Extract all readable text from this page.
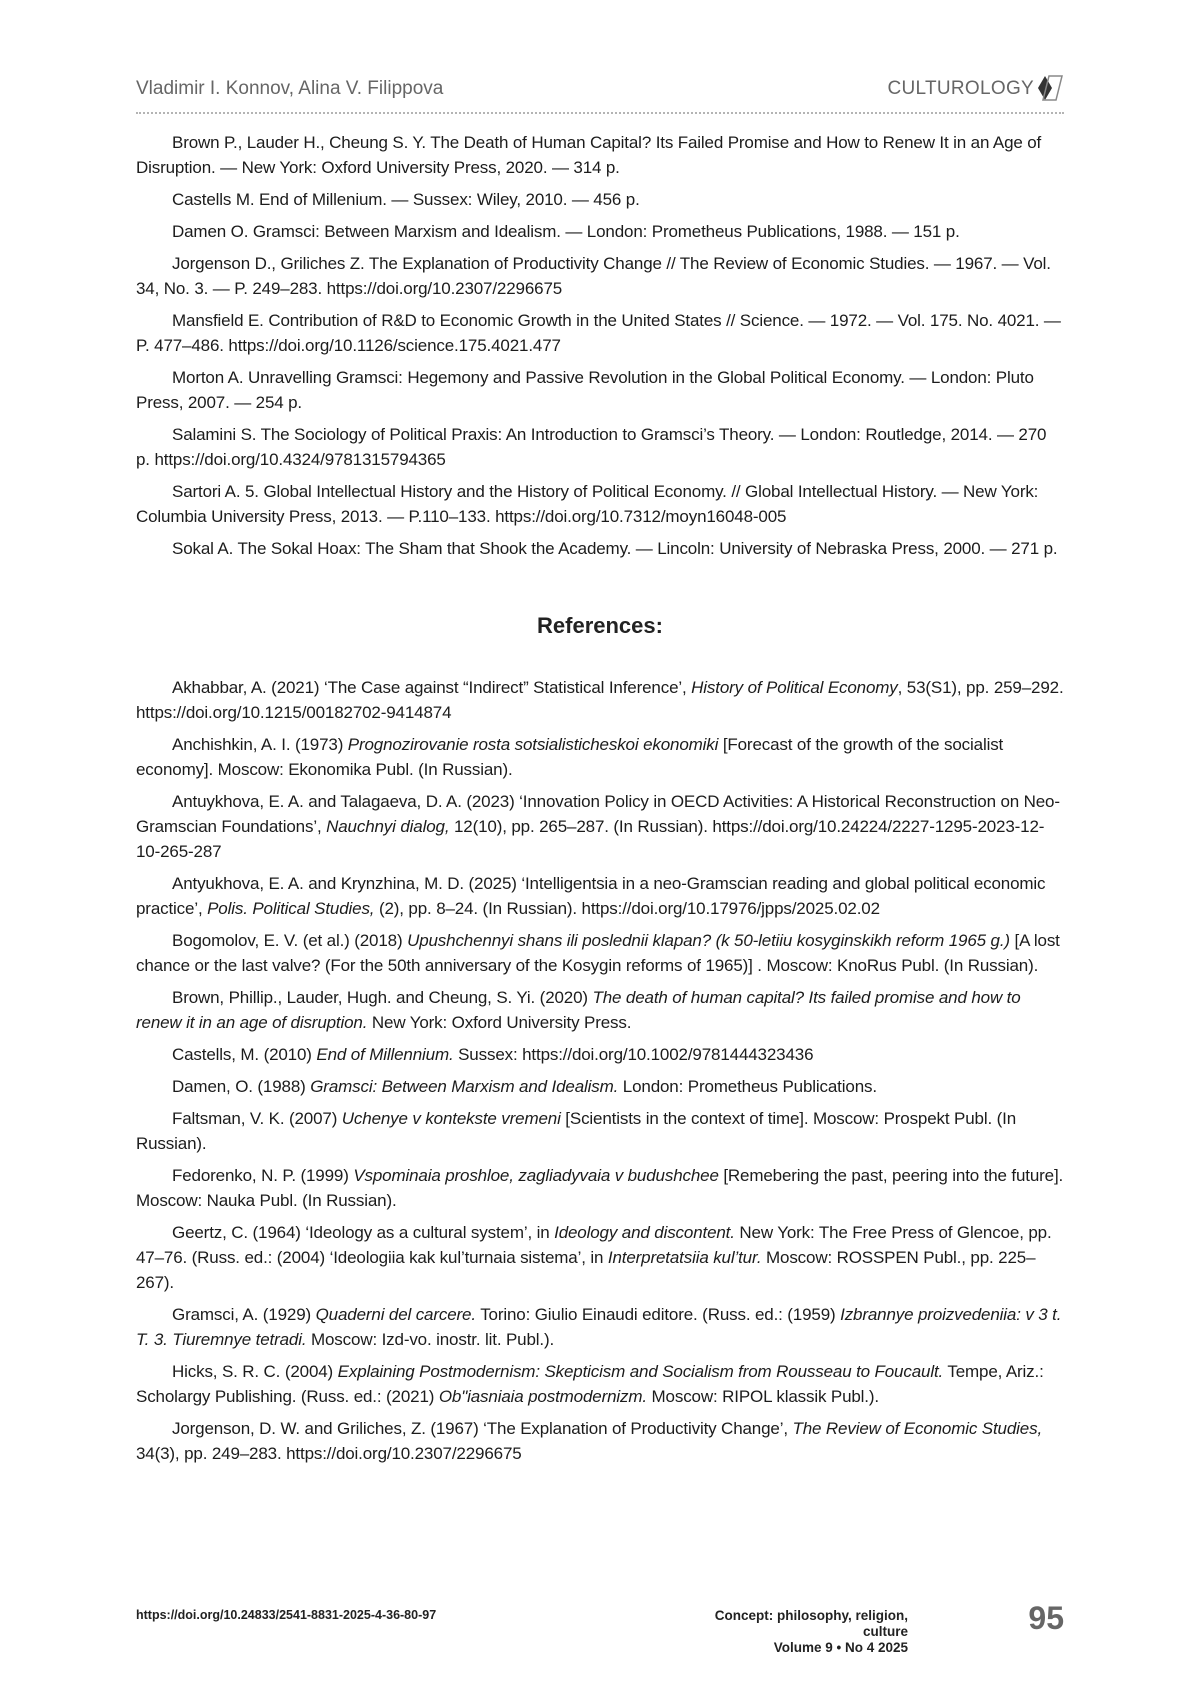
Vladimir I. Konnov, Alina V. Filippova	CULTUROLOGY
Brown P., Lauder H., Cheung S. Y. The Death of Human Capital? Its Failed Promise and How to Renew It in an Age of Disruption. — New York: Oxford University Press, 2020. — 314 p.
Castells M. End of Millenium. — Sussex: Wiley, 2010. — 456 p.
Damen O. Gramsci: Between Marxism and Idealism. — London: Prometheus Publications, 1988. — 151 p.
Jorgenson D., Griliches Z. The Explanation of Productivity Change // The Review of Economic Studies. — 1967. — Vol. 34, No. 3. — P. 249–283. https://doi.org/10.2307/2296675
Mansfield E. Contribution of R&D to Economic Growth in the United States // Science. — 1972. — Vol. 175. No. 4021. — P. 477–486. https://doi.org/10.1126/science.175.4021.477
Morton A. Unravelling Gramsci: Hegemony and Passive Revolution in the Global Political Economy. — London: Pluto Press, 2007. — 254 p.
Salamini S. The Sociology of Political Praxis: An Introduction to Gramsci’s Theory. — London: Routledge, 2014. — 270 p. https://doi.org/10.4324/9781315794365
Sartori A. 5. Global Intellectual History and the History of Political Economy. // Global Intellectual History. — New York: Columbia University Press, 2013. — P.110–133. https://doi.org/10.7312/moyn16048-005
Sokal A. The Sokal Hoax: The Sham that Shook the Academy. — Lincoln: University of Nebraska Press, 2000. — 271 p.
References:
Akhabbar, A. (2021) ‘The Case against “Indirect” Statistical Inference’, History of Political Economy, 53(S1), pp. 259–292. https://doi.org/10.1215/00182702-9414874
Anchishkin, A. I. (1973) Prognozirovanie rosta sotsialisticheskoi ekonomiki [Forecast of the growth of the socialist economy]. Moscow: Ekonomika Publ. (In Russian).
Antuykhova, E. A. and Talagaeva, D. A. (2023) ‘Innovation Policy in OECD Activities: A Historical Reconstruction on Neo-Gramscian Foundations’, Nauchnyi dialog, 12(10), pp. 265–287. (In Russian). https://doi.org/10.24224/2227-1295-2023-12-10-265-287
Antyukhova, E. A. and Krynzhina, M. D. (2025) ‘Intelligentsia in a neo-Gramscian reading and global political economic practice’, Polis. Political Studies, (2), pp. 8–24. (In Russian). https://doi.org/10.17976/jpps/2025.02.02
Bogomolov, E. V. (et al.) (2018) Upushchennyi shans ili poslednii klapan? (k 50-letiiu kosyginskikh reform 1965 g.) [A lost chance or the last valve? (For the 50th anniversary of the Kosygin reforms of 1965)] . Moscow: KnoRus Publ. (In Russian).
Brown, Phillip., Lauder, Hugh. and Cheung, S. Yi. (2020) The death of human capital? Its failed promise and how to renew it in an age of disruption. New York: Oxford University Press.
Castells, M. (2010) End of Millennium. Sussex: https://doi.org/10.1002/9781444323436
Damen, O. (1988) Gramsci: Between Marxism and Idealism. London: Prometheus Publications.
Faltsman, V. K. (2007) Uchenye v kontekste vremeni [Scientists in the context of time]. Moscow: Prospekt Publ. (In Russian).
Fedorenko, N. P. (1999) Vspominaia proshloe, zagliadyvaia v budushchee [Remebering the past, peering into the future]. Moscow: Nauka Publ. (In Russian).
Geertz, C. (1964) ‘Ideology as a cultural system’, in Ideology and discontent. New York: The Free Press of Glencoe, pp. 47–76. (Russ. ed.: (2004) ‘Ideologiia kak kul’turnaia sistema’, in Interpretatsiia kul’tur. Moscow: ROSSPEN Publ., pp. 225–267).
Gramsci, A. (1929) Quaderni del carcere. Torino: Giulio Einaudi editore. (Russ. ed.: (1959) Izbrannye proizvedeniia: v 3 t. T. 3. Tiuremnye tetradi. Moscow: Izd-vo. inostr. lit. Publ.).
Hicks, S. R. C. (2004) Explaining Postmodernism: Skepticism and Socialism from Rousseau to Foucault. Tempe, Ariz.: Scholargy Publishing. (Russ. ed.: (2021) Ob"iasniaia postmodernizm. Moscow: RIPOL klassik Publ.).
Jorgenson, D. W. and Griliches, Z. (1967) ‘The Explanation of Productivity Change’, The Review of Economic Studies, 34(3), pp. 249–283. https://doi.org/10.2307/2296675
https://doi.org/10.24833/2541-8831-2025-4-36-80-97	Concept: philosophy, religion, culture
Volume 9 • No 4 2025
95
